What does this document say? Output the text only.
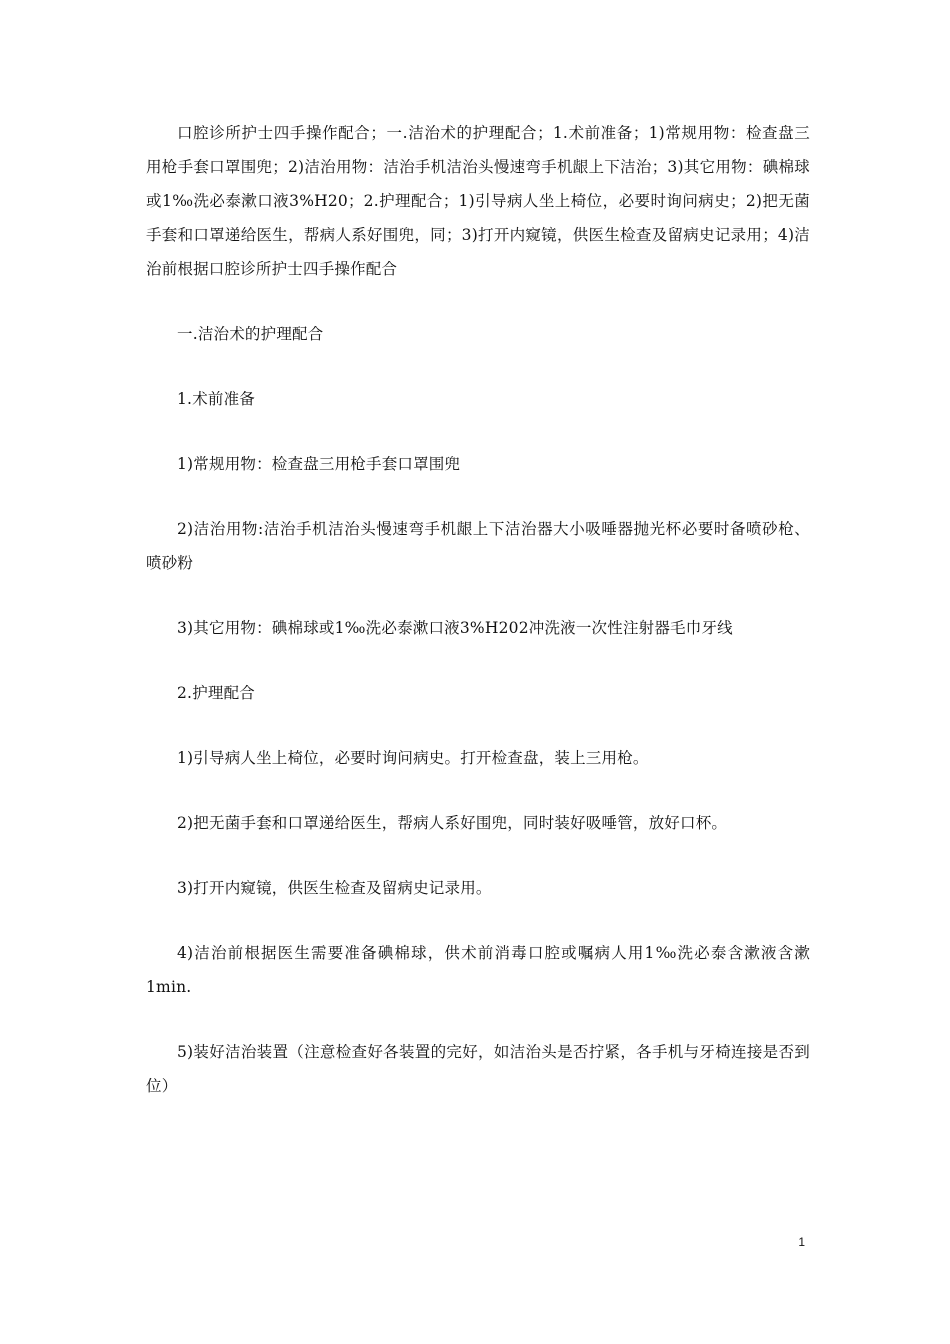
口腔诊所护士四手操作配合；一.洁治术的护理配合；1.术前准备；1)常规用物：检查盘三用枪手套口罩围兜；2)洁治用物：洁治手机洁治头慢速弯手机龈上下洁治；3)其它用物：碘棉球或1‰洗必泰漱口液3%H20；2.护理配合；1)引导病人坐上椅位，必要时询问病史；2)把无菌手套和口罩递给医生，帮病人系好围兜，同；3)打开内窥镜，供医生检查及留病史记录用；4)洁治前根据口腔诊所护士四手操作配合

一.洁治术的护理配合

1.术前准备

1)常规用物：检查盘三用枪手套口罩围兜

2)洁治用物:洁治手机洁治头慢速弯手机龈上下洁治器大小吸唾器抛光杯必要时备喷砂枪、喷砂粉

3)其它用物：碘棉球或1‰洗必泰漱口液3%H202冲洗液一次性注射器毛巾牙线

2.护理配合

1)引导病人坐上椅位，必要时询问病史。打开检查盘，装上三用枪。

2)把无菌手套和口罩递给医生，帮病人系好围兜，同时装好吸唾管，放好口杯。

3)打开内窥镜，供医生检查及留病史记录用。

4)洁治前根据医生需要准备碘棉球，供术前消毒口腔或嘱病人用1‰洗必泰含漱液含漱1min.

5)装好洁治装置（注意检查好各装置的完好，如洁治头是否拧紧，各手机与牙椅连接是否到位）

1
